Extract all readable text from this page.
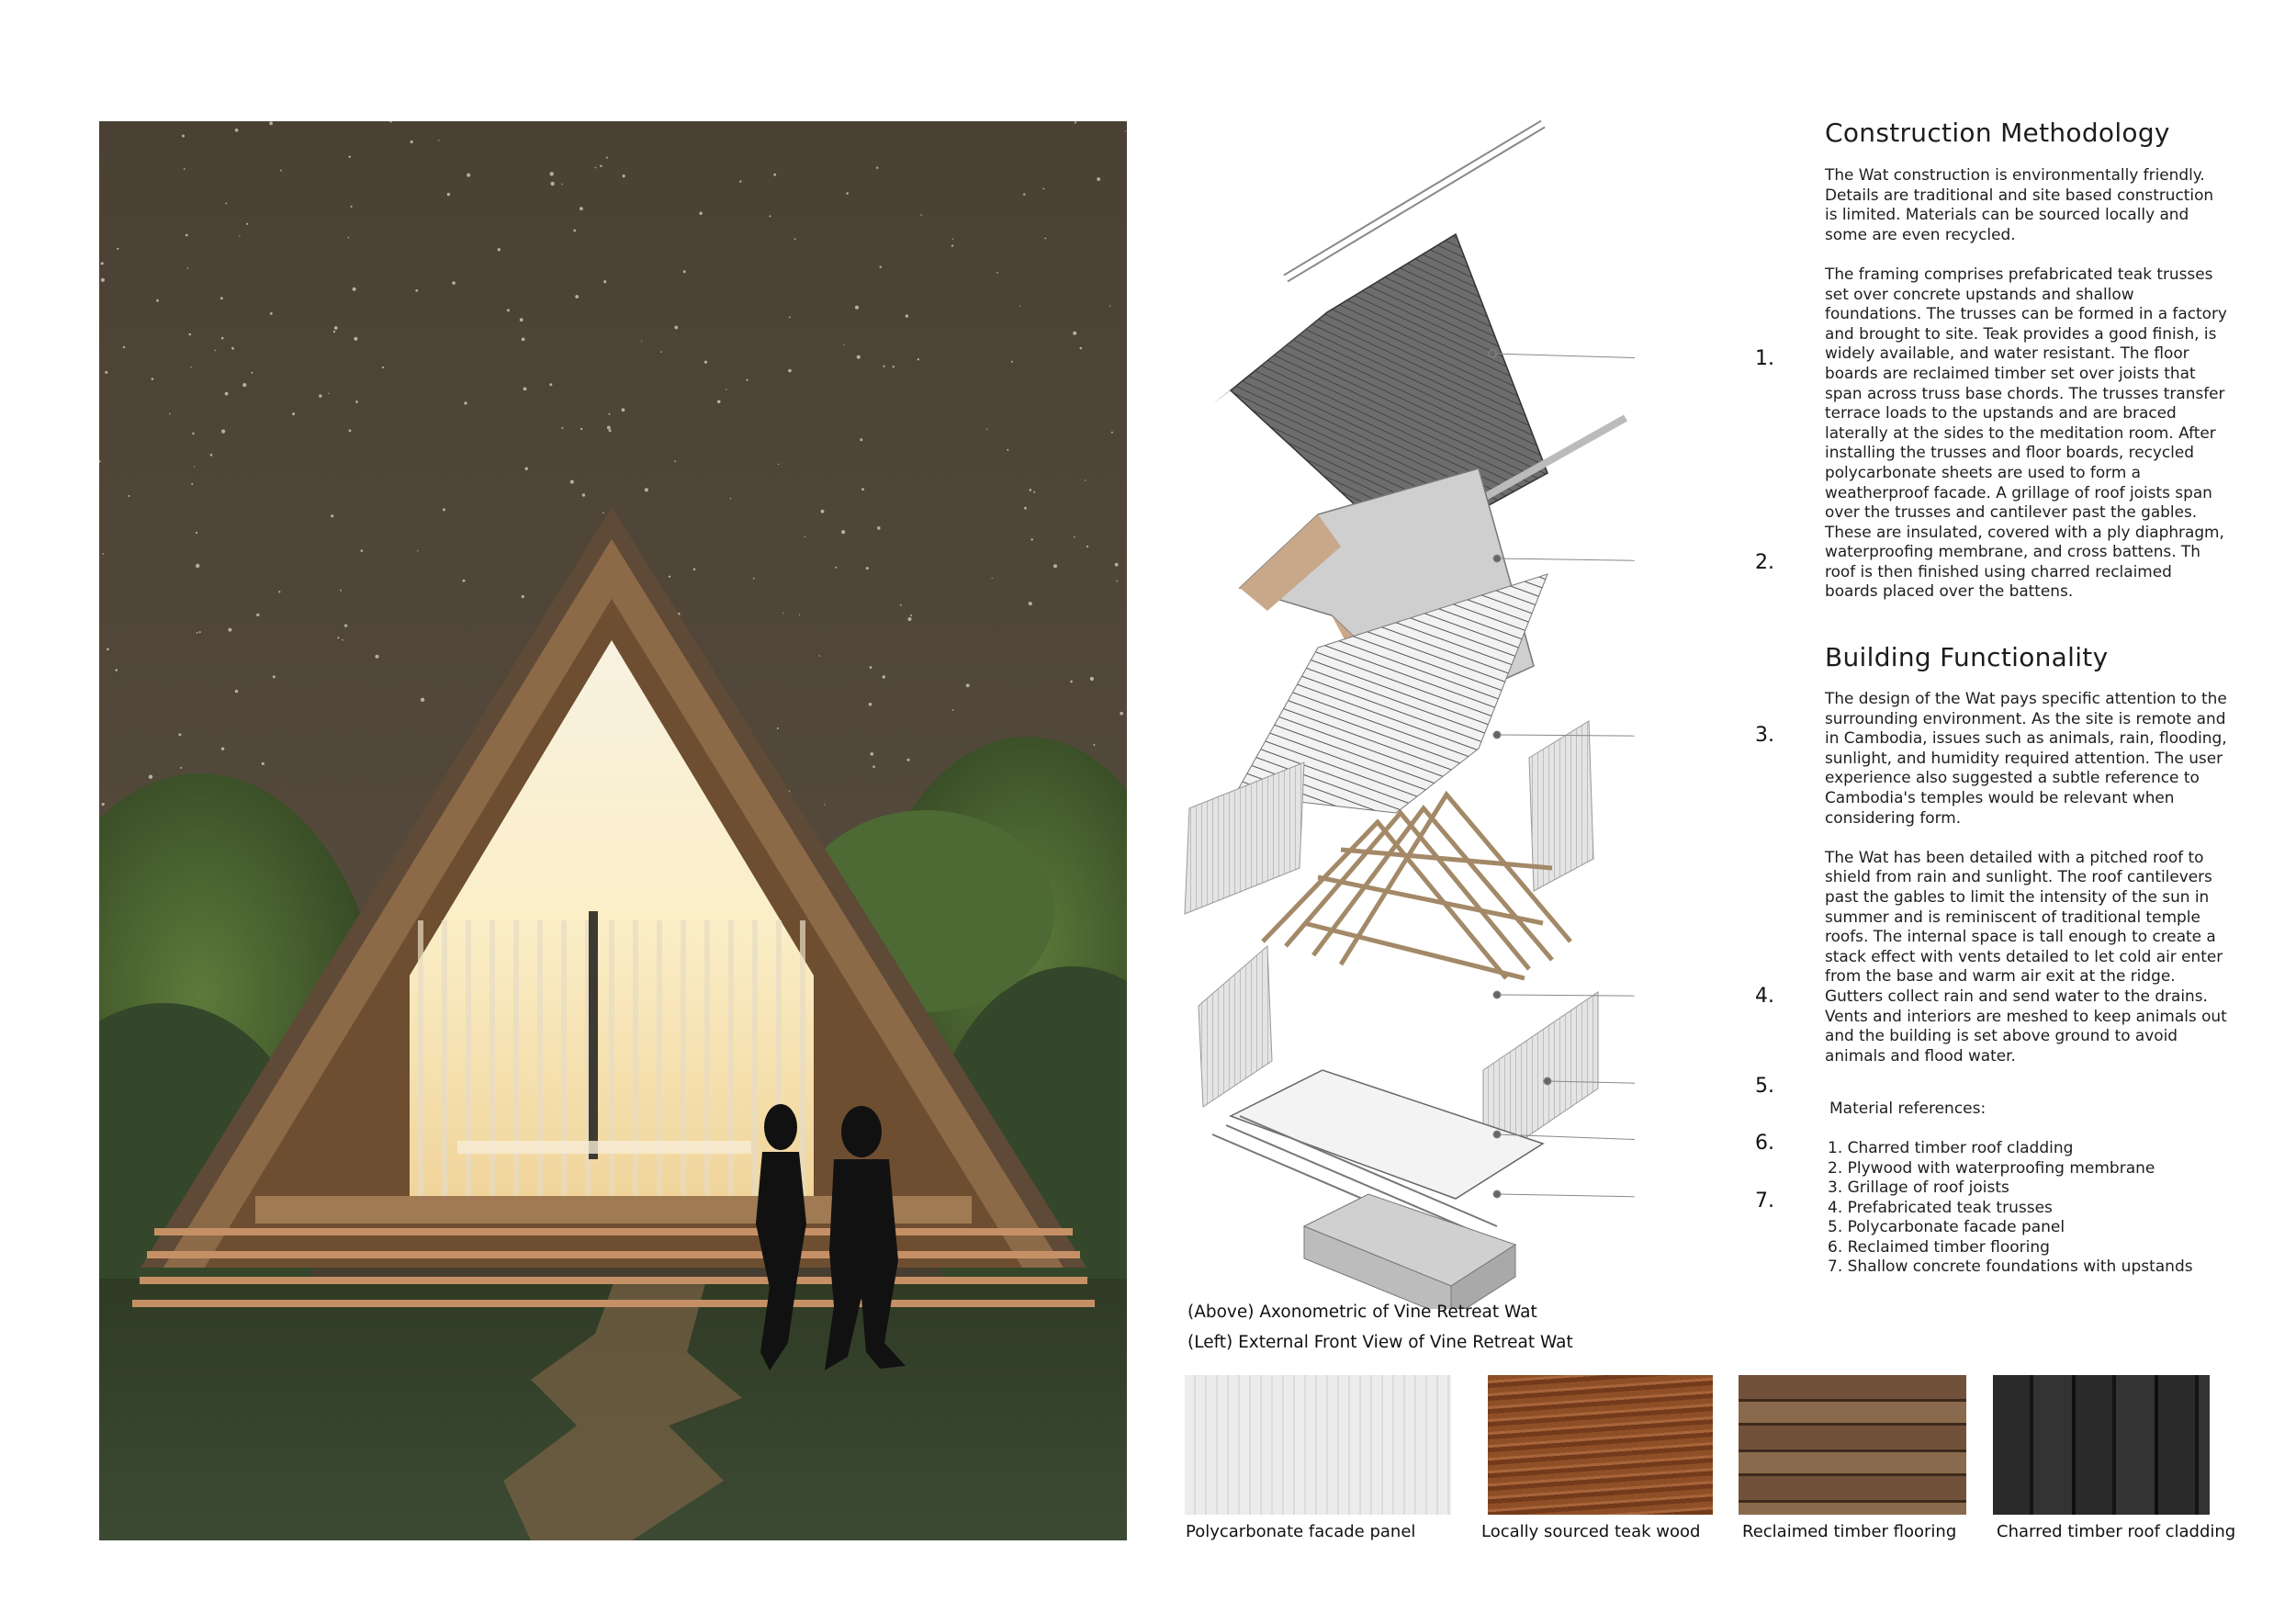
1.
2.
3.
4.
5.
6.
7.
Construction Methodology

The Wat construction is environmentally friendly. Details are traditional and site based construction is limited. Materials can be sourced locally and some are even recycled.

The framing comprises prefabricated teak trusses set over concrete upstands and shallow foundations. The trusses can be formed in a factory and brought to site. Teak provides a good finish, is widely available, and water resistant. The floor boards are reclaimed timber set over joists that span across truss base chords. The trusses transfer terrace loads to the upstands and are braced laterally at the sides to the meditation room. After installing the trusses and floor boards, recycled polycarbonate sheets are used to form a weatherproof facade. A grillage of roof joists span over the trusses and cantilever past the gables. These are insulated, covered with a ply diaphragm, waterproofing membrane, and cross battens. Th roof is then finished using charred reclaimed boards placed over the battens.

Building Functionality

The design of the Wat pays specific attention to the surrounding environment. As the site is remote and in Cambodia, issues such as animals, rain, flooding, sunlight, and humidity required attention. The user experience also suggested a subtle reference to Cambodia's temples would be relevant when considering form.

The Wat has been detailed with a pitched roof to shield from rain and sunlight. The roof cantilevers past the gables to limit the intensity of the sun in summer and is reminiscent of traditional temple roofs. The internal space is tall enough to create a stack effect with vents detailed to let cold air enter from the base and warm air exit at the ridge. Gutters collect rain and send water to the drains. Vents and interiors are meshed to keep animals out and the building is set above ground to avoid animals and flood water.

Material references:
1. Charred timber roof cladding
2. Plywood with waterproofing membrane
3. Grillage of roof joists
4. Prefabricated teak trusses
5. Polycarbonate facade panel
6. Reclaimed timber flooring
7. Shallow concrete foundations with upstands
(Above) Axonometric of Vine Retreat Wat
(Left) External Front View of Vine Retreat Wat
Polycarbonate facade panel	Locally sourced teak wood	Reclaimed timber flooring Charred timber roof cladding
